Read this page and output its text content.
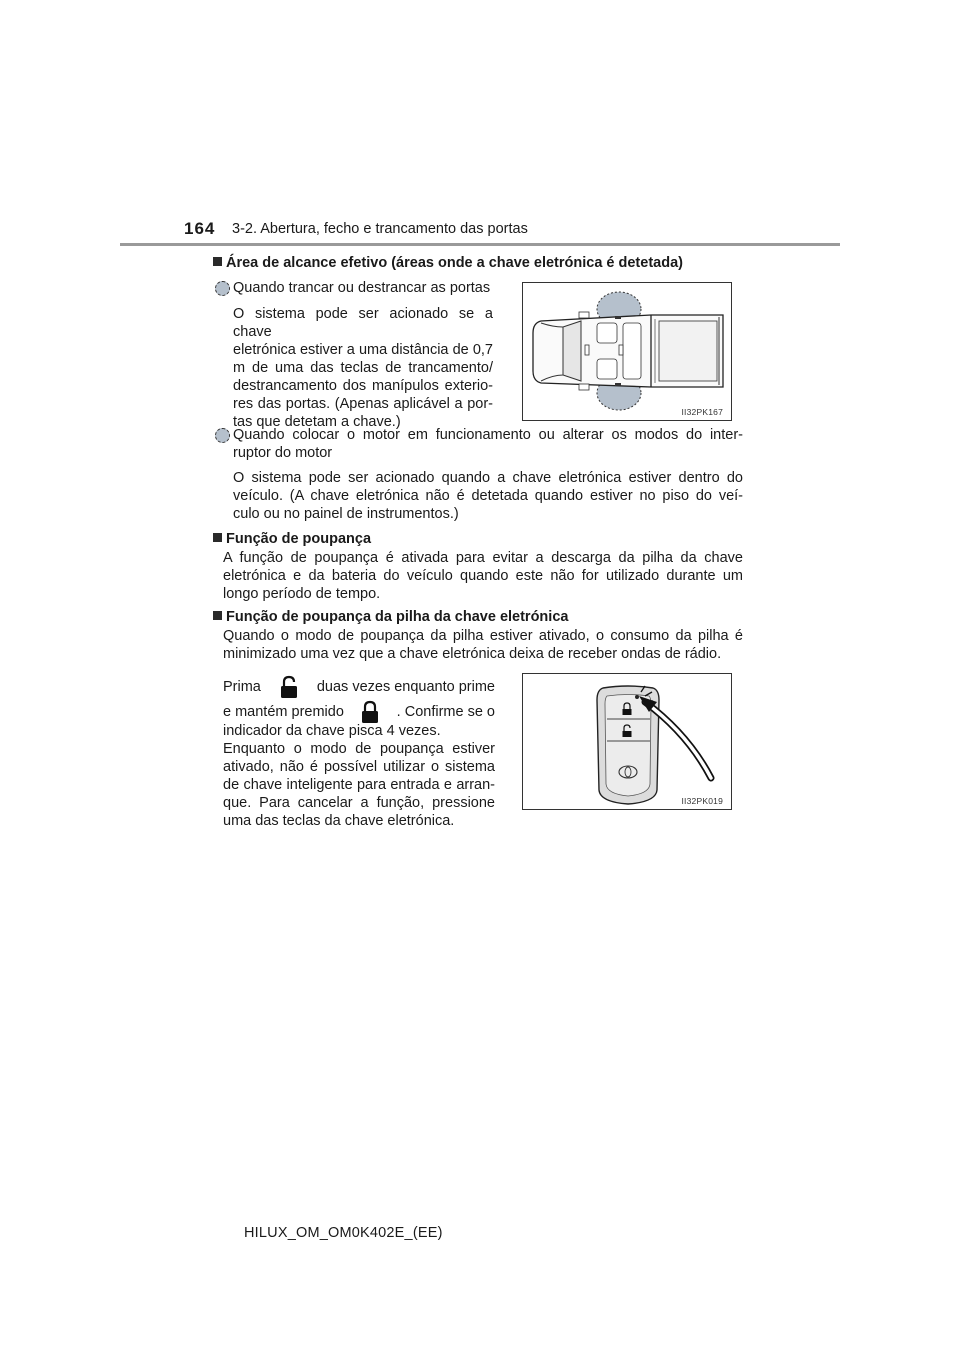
164 3-2. Abertura, fecho e trancamento das portas
Área de alcance efetivo (áreas onde a chave eletrónica é detetada)
Quando trancar ou destrancar as portas
O sistema pode ser acionado se a chave
eletrónica estiver a uma distância de 0,7
m de uma das teclas de trancamento/
destrancamento dos manípulos exterio-
res das portas. (Apenas aplicável a por-
tas que detetam a chave.)
II32PK167
Quando colocar o motor em funcionamento ou alterar os modos do inter-
ruptor do motor
O sistema pode ser acionado quando a chave eletrónica estiver dentro do
veículo. (A chave eletrónica não é detetada quando estiver no piso do veí-
culo ou no painel de instrumentos.)
Função de poupança
A função de poupança é ativada para evitar a descarga da pilha da chave
eletrónica e da bateria do veículo quando este não for utilizado durante um
longo período de tempo.
Função de poupança da pilha da chave eletrónica
Quando o modo de poupança da pilha estiver ativado, o consumo da pilha é
minimizado uma vez que a chave eletrónica deixa de receber ondas de rádio.
Prima	duas vezes enquanto prime
e mantém premido	. Confirme se o
indicador da chave pisca 4 vezes.
Enquanto o modo de poupança estiver
ativado, não é possível utilizar o sistema
de chave inteligente para entrada e arran-
que. Para cancelar a função, pressione
uma das teclas da chave eletrónica.
II32PK019
HILUX_OM_OM0K402E_(EE)
